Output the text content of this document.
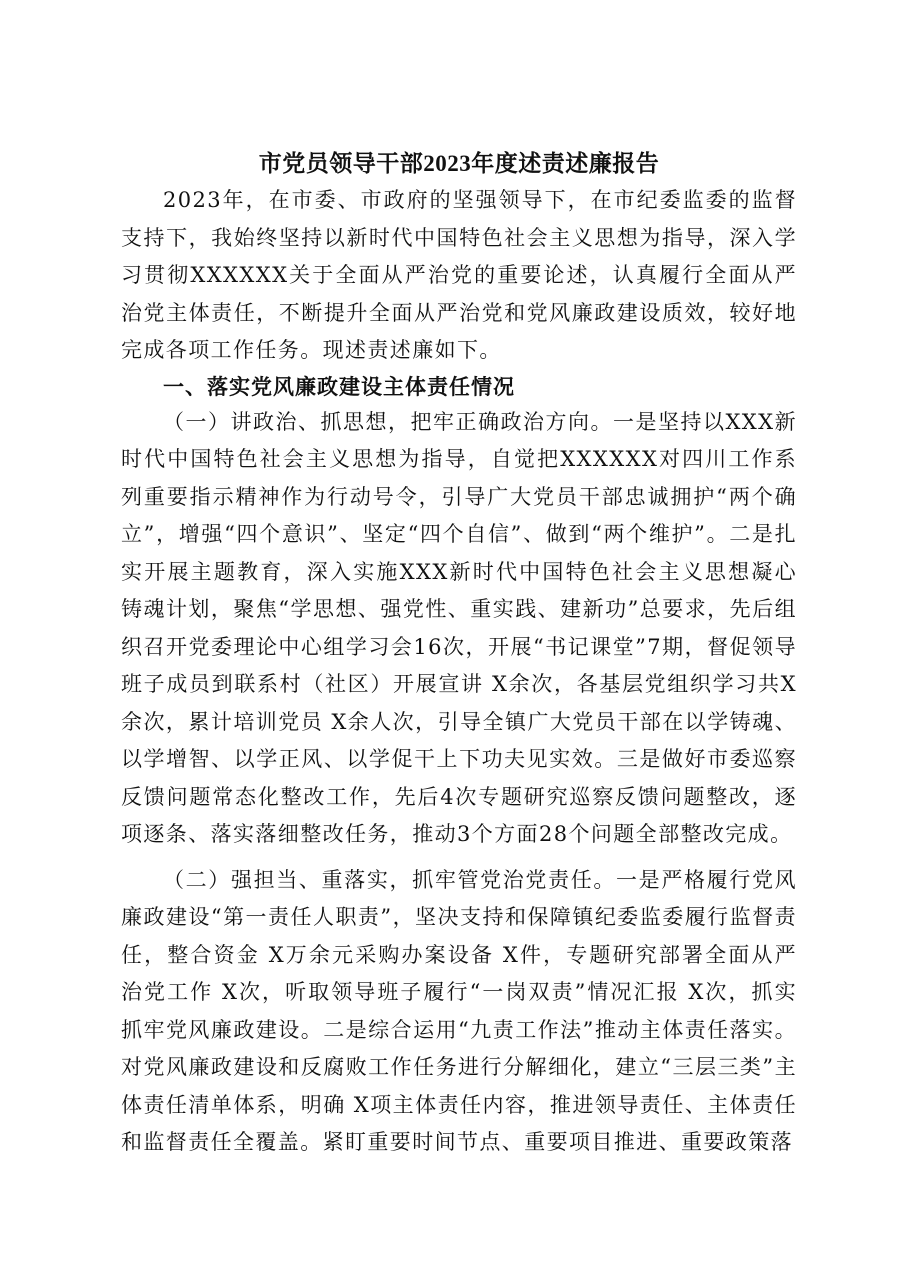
市党员领导干部2023年度述责述廉报告

2023年，在市委、市政府的坚强领导下，在市纪委监委的监督支持下，我始终坚持以新时代中国特色社会主义思想为指导，深入学习贯彻XXXXXX关于全面从严治党的重要论述，认真履行全面从严治党主体责任，不断提升全面从严治党和党风廉政建设质效，较好地完成各项工作任务。现述责述廉如下。

一、落实党风廉政建设主体责任情况

（一）讲政治、抓思想，把牢正确政治方向。一是坚持以XXX新时代中国特色社会主义思想为指导，自觉把XXXXXX对四川工作系列重要指示精神作为行动号令，引导广大党员干部忠诚拥护“两个确立”，增强“四个意识”、坚定“四个自信”、做到“两个维护”。二是扎实开展主题教育，深入实施XXX新时代中国特色社会主义思想凝心铸魂计划，聚焦“学思想、强党性、重实践、建新功”总要求，先后组织召开党委理论中心组学习会16次，开展“书记课堂”7期，督促领导班子成员到联系村（社区）开展宣讲 X余次，各基层党组织学习共X余次，累计培训党员 X余人次，引导全镇广大党员干部在以学铸魂、以学增智、以学正风、以学促干上下功夫见实效。三是做好市委巡察反馈问题常态化整改工作，先后4次专题研究巡察反馈问题整改，逐项逐条、落实落细整改任务，推动3个方面28个问题全部整改完成。

（二）强担当、重落实，抓牢管党治党责任。一是严格履行党风廉政建设“第一责任人职责”，坚决支持和保障镇纪委监委履行监督责任，整合资金 X万余元采购办案设备 X件，专题研究部署全面从严治党工作 X次，听取领导班子履行“一岗双责”情况汇报 X次，抓实抓牢党风廉政建设。二是综合运用“九责工作法”推动主体责任落实。对党风廉政建设和反腐败工作任务进行分解细化，建立“三层三类”主体责任清单体系，明确 X项主体责任内容，推进领导责任、主体责任和监督责任全覆盖。紧盯重要时间节点、重要项目推进、重要政策落
